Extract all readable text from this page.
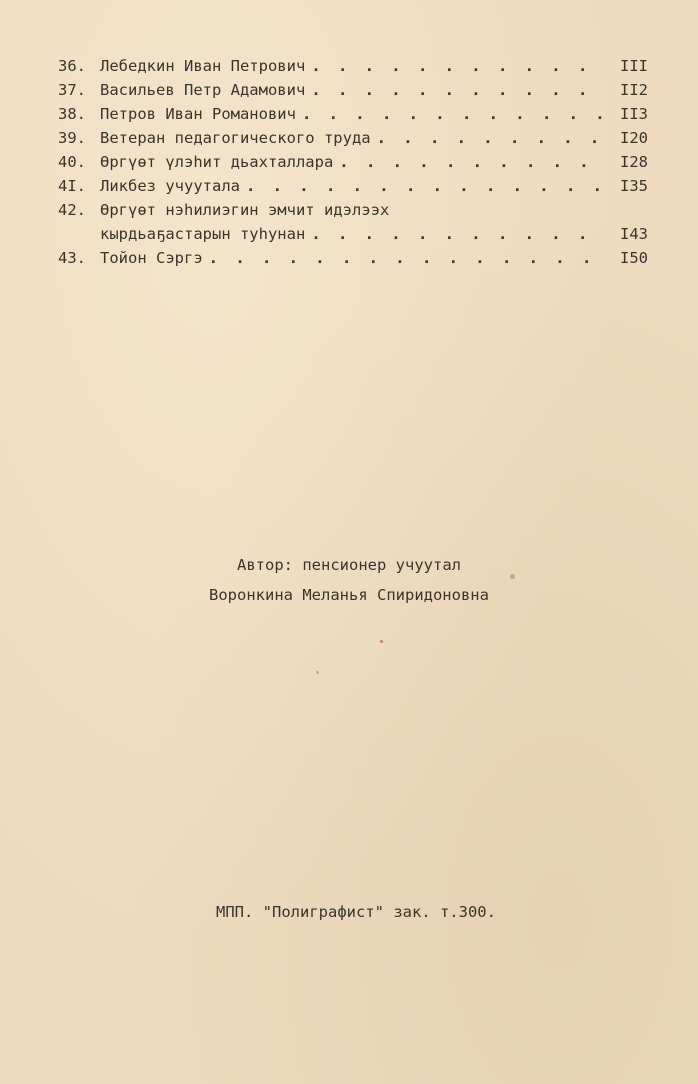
36. Лебедкин Иван Петрович . . .	III
37. Васильев Петр Адамович . . .	II2
38. Петров Иван Романович . . .	II3
39. Ветеран педагогического труда . . .	I20
40. Өргүөт үлэһит дьахталлара . . .	I28
4I. Ликбез учуутала . . .	I35
42. Өргүөт нэһилиэгин эмчит идэлээх
кырдьаҕастарын туһунан . . .	I43
43. Тойон Сэргэ . . .	I50
Автор: пенсионер учуутал
Воронкина Меланья Спиридоновна
МПП. "Полиграфист" зак. т.300.
